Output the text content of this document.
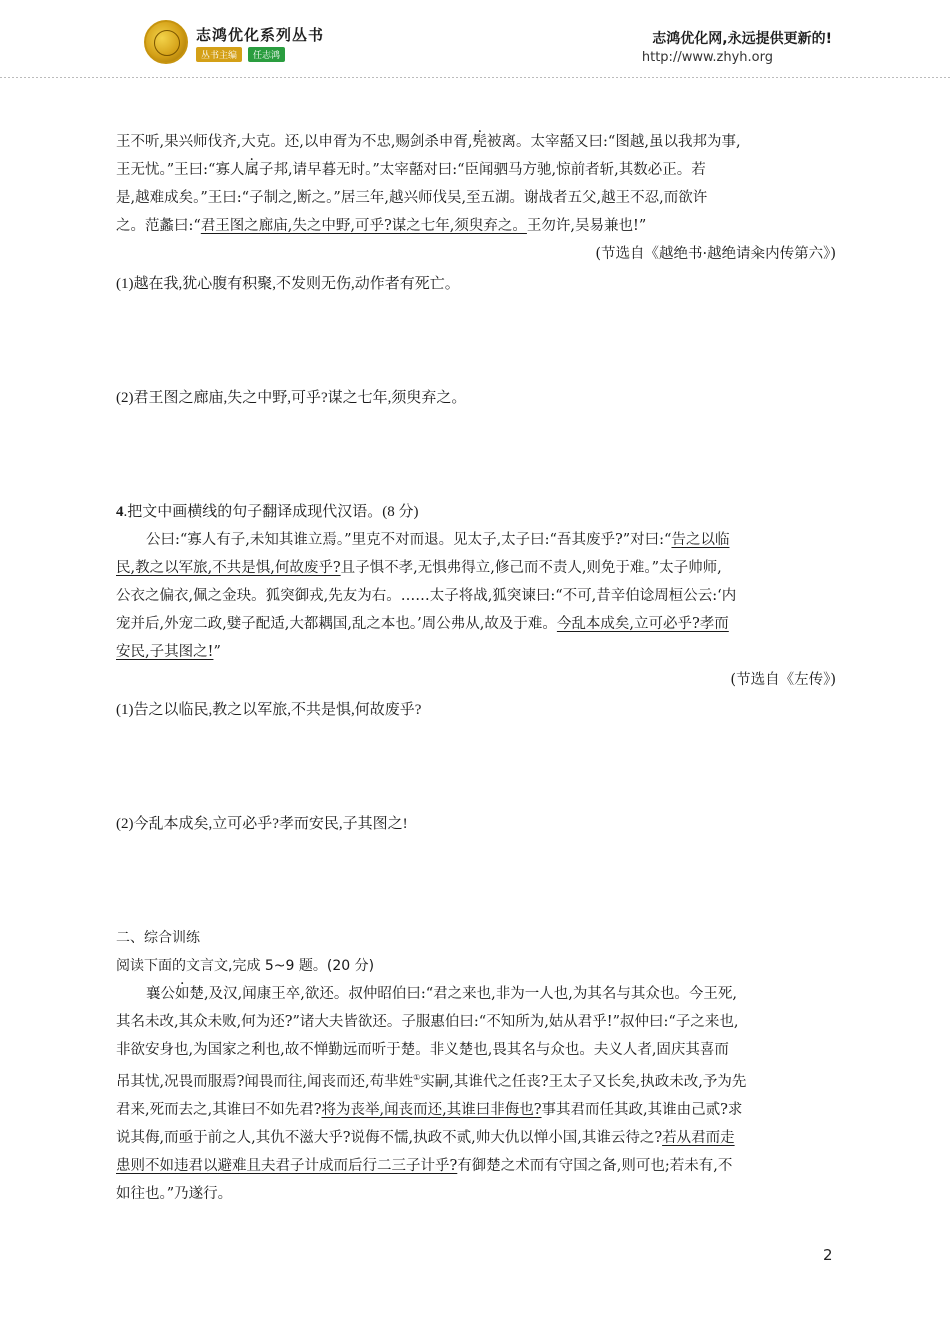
志鸿优化系列丛书
丛书主编	任志鸿
志鸿优化网,永远提供更新的!
http://www.zhyh.org
王不听,果兴师伐齐,大克。还,以申胥为不忠,赐剑杀申胥,髡被离。太宰嚭又曰:“图越,虽以我邦为事,
王无忧。”王曰:“寡人属子邦,请早暮无时。”太宰嚭对曰:“臣闻驷马方驰,惊前者斩,其数必正。若
是,越难成矣。”王曰:“子制之,断之。”居三年,越兴师伐吴,至五湖。谢战者五父,越王不忍,而欲许
之。范蠡曰:“君王图之廊庙,失之中野,可乎?谋之七年,须臾弃之。王勿许,吴易兼也!”
(节选自《越绝书·越绝请籴内传第六》)
(1)越在我,犹心腹有积聚,不发则无伤,动作者有死亡。
(2)君王图之廊庙,失之中野,可乎?谋之七年,须臾弃之。
4.把文中画横线的句子翻译成现代汉语。(8 分)
公曰:“寡人有子,未知其谁立焉。”里克不对而退。见太子,太子曰:“吾其废乎?”对曰:“告之以临
民,教之以军旅,不共是惧,何故废乎?且子惧不孝,无惧弗得立,修己而不责人,则免于难。”太子帅师,
公衣之偏衣,佩之金玦。狐突御戎,先友为右。……太子将战,狐突谏曰:“不可,昔辛伯谂周桓公云:‘内
宠并后,外宠二政,嬖子配适,大都耦国,乱之本也。’周公弗从,故及于难。今乱本成矣,立可必乎?孝而
安民,子其图之!”
(节选自《左传》)
(1)告之以临民,教之以军旅,不共是惧,何故废乎?
(2)今乱本成矣,立可必乎?孝而安民,子其图之!
二、综合训练
阅读下面的文言文,完成 5~9 题。(20 分)
襄公如楚,及汉,闻康王卒,欲还。叔仲昭伯曰:“君之来也,非为一人也,为其名与其众也。今王死,
其名未改,其众未败,何为还?”诸大夫皆欲还。子服惠伯曰:“不知所为,姑从君乎!”叔仲曰:“子之来也,
非欲安身也,为国家之利也,故不惮勤远而听于楚。非义楚也,畏其名与众也。夫义人者,固庆其喜而
吊其忧,况畏而服焉?闻畏而往,闻丧而还,苟芈姓①实嗣,其谁代之任丧?王太子又长矣,执政未改,予为先
君来,死而去之,其谁曰不如先君?将为丧举,闻丧而还,其谁曰非侮也?事其君而任其政,其谁由己贰?求
说其侮,而亟于前之人,其仇不滋大乎?说侮不懦,执政不贰,帅大仇以惮小国,其谁云待之?若从君而走
患则不如违君以避难且夫君子计成而后行二三子计乎?有御楚之术而有守国之备,则可也;若未有,不
如往也。”乃遂行。
2
